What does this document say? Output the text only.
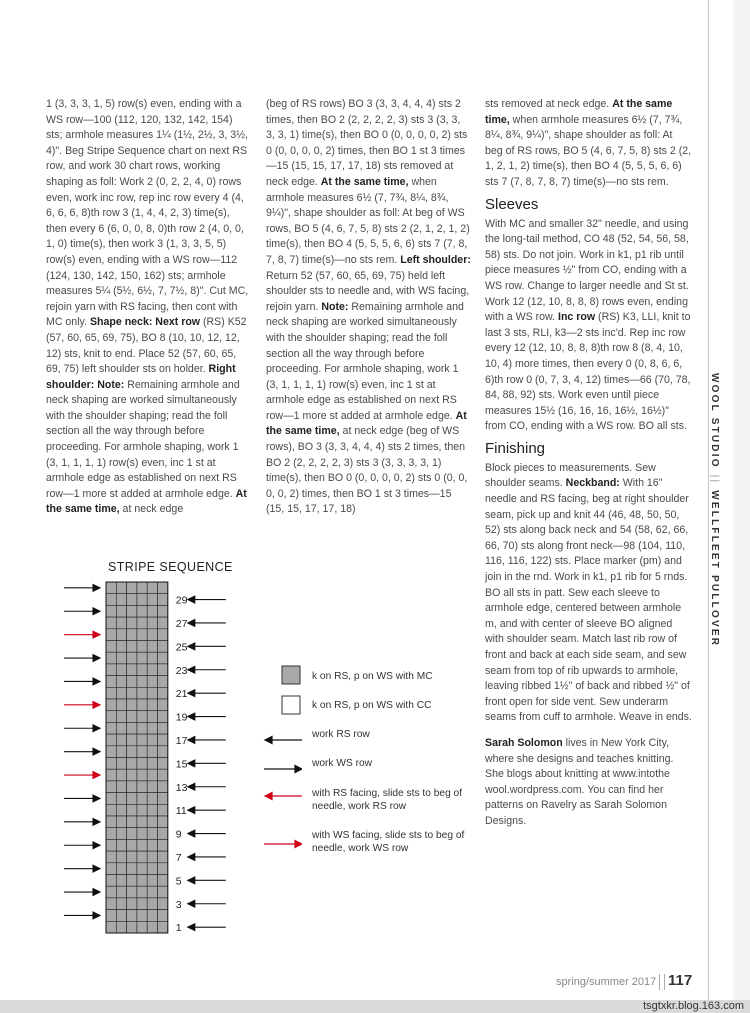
1 (3, 3, 3, 1, 5) row(s) even, ending with a WS row—100 (112, 120, 132, 142, 154) sts; armhole measures 1¼ (1½, 2½, 3, 3½, 4)". Beg Stripe Sequence chart on next RS row, and work 30 chart rows, working shaping as foll: Work 2 (0, 2, 2, 4, 0) rows even, work inc row, rep inc row every 4 (4, 6, 6, 6, 8)th row 3 (1, 4, 4, 2, 3) time(s), then every 6 (6, 0, 0, 8, 0)th row 2 (4, 0, 0, 1, 0) time(s), then work 3 (1, 3, 3, 5, 5) row(s) even, ending with a WS row—112 (124, 130, 142, 150, 162) sts; armhole measures 5¼ (5½, 6½, 7, 7½, 8)". Cut MC, rejoin yarn with RS facing, then cont with MC only. Shape neck: Next row (RS) K52 (57, 60, 65, 69, 75), BO 8 (10, 10, 12, 12, 12) sts, knit to end. Place 52 (57, 60, 65, 69, 75) left shoulder sts on holder. Right shoulder: Note: Remaining armhole and neck shaping are worked simultaneously with the shoulder shaping; read the foll section all the way through before proceeding. For armhole shaping, work 1 (3, 1, 1, 1, 1) row(s) even, inc 1 st at armhole edge as established on next RS row—1 more st added at armhole edge. At the same time, at neck edge

(beg of RS rows) BO 3 (3, 3, 4, 4, 4) sts 2 times, then BO 2 (2, 2, 2, 2, 3) sts 3 (3, 3, 3, 3, 1) time(s), then BO 0 (0, 0, 0, 0, 2) sts 0 (0, 0, 0, 0, 2) times, then BO 1 st 3 times—15 (15, 15, 17, 17, 18) sts removed at neck edge. At the same time, when armhole measures 6½ (7, 7¾, 8¼, 8¾, 9¼)", shape shoulder as foll: At beg of WS rows, BO 5 (4, 6, 7, 5, 8) sts 2 (2, 1, 2, 1, 2) time(s), then BO 4 (5, 5, 5, 6, 6) sts 7 (7, 8, 7, 8, 7) time(s)—no sts rem. Left shoulder: Return 52 (57, 60, 65, 69, 75) held left shoulder sts to needle and, with WS facing, rejoin yarn. Note: Remaining armhole and neck shaping are worked simultaneously with the shoulder shaping; read the foll section all the way through before proceeding. For armhole shaping, work 1 (3, 1, 1, 1, 1) row(s) even, inc 1 st at armhole edge as established on next RS row—1 more st added at armhole edge. At the same time, at neck edge (beg of WS rows), BO 3 (3, 3, 4, 4, 4) sts 2 times, then BO 2 (2, 2, 2, 2, 3) sts 3 (3, 3, 3, 3, 1) time(s), then BO 0 (0, 0, 0, 0, 2) sts 0 (0, 0, 0, 0, 2) times, then BO 1 st 3 times—15 (15, 15, 17, 17, 18)

sts removed at neck edge. At the same time, when armhole measures 6½ (7, 7¾, 8¼, 8¾, 9¼)", shape shoulder as foll: At beg of RS rows, BO 5 (4, 6, 7, 5, 8) sts 2 (2, 1, 2, 1, 2) time(s), then BO 4 (5, 5, 5, 6, 6) sts 7 (7, 8, 7, 8, 7) time(s)—no sts rem.

Sleeves

With MC and smaller 32" needle, and using the long-tail method, CO 48 (52, 54, 56, 58, 58) sts. Do not join. Work in k1, p1 rib until piece measures ½" from CO, ending with a WS row. Change to larger needle and St st. Work 12 (12, 10, 8, 8, 8) rows even, ending with a WS row. Inc row (RS) K3, LLI, knit to last 3 sts, RLI, k3—2 sts inc'd. Rep inc row every 12 (12, 10, 8, 8, 8)th row 8 (8, 4, 10, 10, 4) more times, then every 0 (0, 8, 6, 6, 6)th row 0 (0, 7, 3, 4, 12) times—66 (70, 78, 84, 88, 92) sts. Work even until piece measures 15½ (16, 16, 16, 16½, 16½)" from CO, ending with a WS row. BO all sts.

Finishing

Block pieces to measurements. Sew shoulder seams. Neckband: With 16" needle and RS facing, beg at right shoulder seam, pick up and knit 44 (46, 48, 50, 50, 52) sts along back neck and 54 (58, 62, 66, 66, 70) sts along front neck—98 (104, 110, 116, 116, 122) sts. Place marker (pm) and join in the rnd. Work in k1, p1 rib for 5 rnds. BO all sts in patt. Sew each sleeve to armhole edge, centered between armhole m, and with center of sleeve BO aligned with shoulder seam. Match last rib row of front and back at each side seam, and sew seam from top of rib upwards to armhole, leaving ribbed 1½" of back and ribbed ½" of front open for side vent. Sew underarm seams from cuff to armhole. Weave in ends.

Sarah Solomon lives in New York City, where she designs and teaches knitting. She blogs about knitting at www.intothe wool.wordpress.com. You can find her patterns on Ravelry as Sarah Solomon Designs.

STRIPE SEQUENCE
29
27
25
23
21
19
17
15
13
11
9
7
5
3
1
k on RS, p on WS with MC
k on RS, p on WS with CC
work RS row
work WS row
with RS facing, slide sts to beg of needle, work RS row
with WS facing, slide sts to beg of needle, work WS row
WOOL STUDIO||WELLFLEET PULLOVER
spring/summer 2017 117
tsgtxkr.blog.163.com
